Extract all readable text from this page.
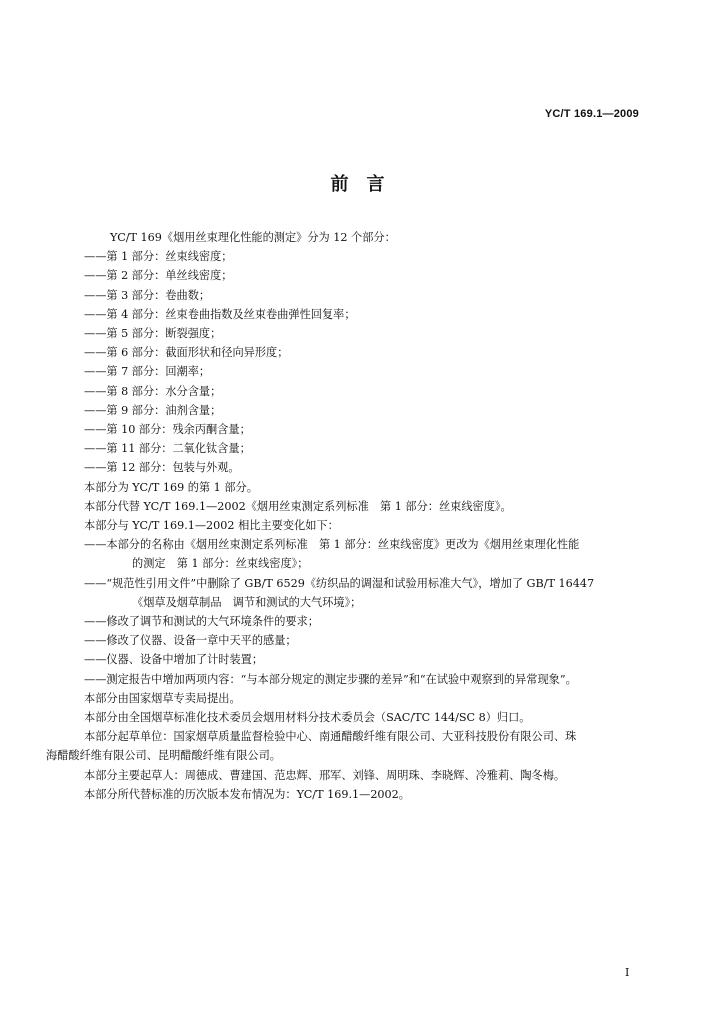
YC/T 169.1—2009
前　言
YC/T 169《烟用丝束理化性能的测定》分为 12 个部分：
——第 1 部分：丝束线密度；
——第 2 部分：单丝线密度；
——第 3 部分：卷曲数；
——第 4 部分：丝束卷曲指数及丝束卷曲弹性回复率；
——第 5 部分：断裂强度；
——第 6 部分：截面形状和径向异形度；
——第 7 部分：回潮率；
——第 8 部分：水分含量；
——第 9 部分：油剂含量；
——第 10 部分：残余丙酮含量；
——第 11 部分：二氧化钛含量；
——第 12 部分：包装与外观。
本部分为 YC/T 169 的第 1 部分。
本部分代替 YC/T 169.1—2002《烟用丝束测定系列标准　第 1 部分：丝束线密度》。
本部分与 YC/T 169.1—2002 相比主要变化如下：
——本部分的名称由《烟用丝束测定系列标准　第 1 部分：丝束线密度》更改为《烟用丝束理化性能
的测定　第 1 部分：丝束线密度》；
——“规范性引用文件”中删除了 GB/T 6529《纺织品的调湿和试验用标准大气》，增加了 GB/T 16447
《烟草及烟草制品　调节和测试的大气环境》；
——修改了调节和测试的大气环境条件的要求；
——修改了仪器、设备一章中天平的感量；
——仪器、设备中增加了计时装置；
——测定报告中增加两项内容：“与本部分规定的测定步骤的差异”和“在试验中观察到的异常现象”。
本部分由国家烟草专卖局提出。
本部分由全国烟草标准化技术委员会烟用材料分技术委员会（SAC/TC 144/SC 8）归口。
本部分起草单位：国家烟草质量监督检验中心、南通醋酸纤维有限公司、大亚科技股份有限公司、珠
海醋酸纤维有限公司、昆明醋酸纤维有限公司。
本部分主要起草人：周德成、曹建国、范忠辉、邢军、刘锋、周明珠、李晓辉、冷雅莉、陶冬梅。
本部分所代替标准的历次版本发布情况为：YC/T 169.1—2002。
I
